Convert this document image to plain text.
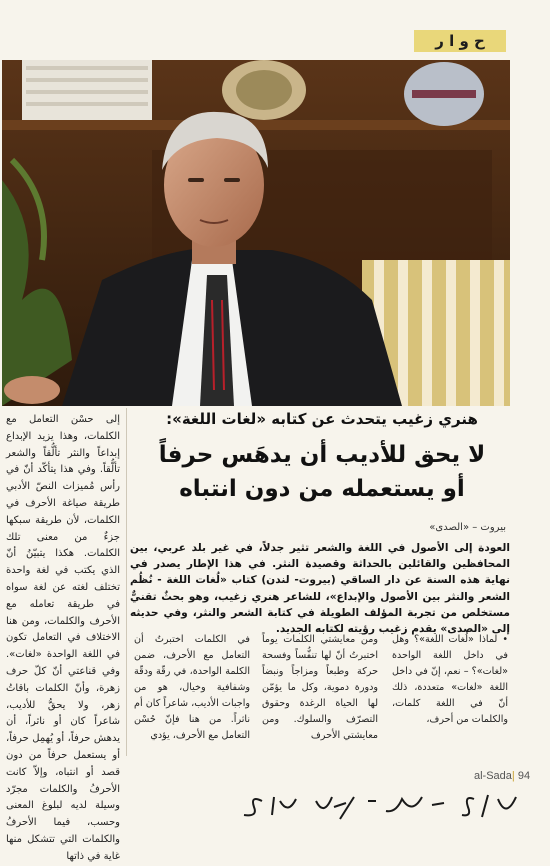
ح و ا ر
إلى حسْن التعامل مع الكلمات، وهذا يزيد الإبداع إبداعاً والنثر تألُّقاً والشعر تألُّقاً. وفي هذا يتأكّد أنّ في رأس مُميزات النصّ الأدبي طريقة صياغة الأحرف في الكلمات، لأن طريقة سبكها جزءٌ من معنى تلك الكلمات. هكذا يتبيّنُ أنّ الذي يكتب في لغة واحدة تختلف لغته عن لغة سواه في طريقة تعامله مع الأحرف والكلمات، ومن هنا الاختلاف في التعامل تكون في اللغة الواحدة «لغات». وفي قناعتي أنّ كلّ حرف زهرة، وأنّ الكلمات باقاتُ زهر، ولا يحقُّ للأديب، شاعراً كان أو ناثراً، أن يدهش حرفاً، أو يُهمِل حرفاً، أو يستعمل حرفاً من دون قصد أو انتباه، وإلاّ كانت الأحرفُ والكلمات مجرّد وسيلة لديه لبلوغ المعنى وحسب، فيما الأحرفُ والكلمات التي تتشكل منها غاية في ذاتها
هنري زغيب يتحدث عن كتابه «لغات اللغة»:
لا يحق للأديب أن يدهَس حرفاً
أو يستعمله من دون انتباه
بيروت – «الصدى»
العودة إلى الأصول في اللغة والشعر تثير جدلاً، في غير بلد عربي، بين المحافظين والقائلين بالحداثة وقصيدة النثر. في هذا الإطار يصدر في نهاية هذه السنة عن دار الساقي (بيروت- لندن) كتاب «لُغات اللغة - نُظُم الشعر والنثر بين الأصول والإبداع»، للشاعر هنري زغيب، وهو بحثٌ تقنيٌّ مستخلص من تجربة المؤلف الطويلة في كتابة الشعر والنثر، وفي حديثه إلى «الصدى» يقدم زغيب رؤيته لكتابه الجديد.
• لماذا «لُغات اللغة»؟ وهل في داخل اللغة الواحدة «لغات»؟ – نعم، إنّ في داخل اللغة «لغات» متعددة، ذلك أنّ في اللغة كلمات، والكلمات من أحرف،
ومن معايشتي الكلمات يوماً اختبرتُ أنّ لها تنفُّساً وفسحة حركة وطبعاً ومزاجاً ونبضاً ودورة دموية، وكل ما يؤمّن لها الحياة الرغدة وحقوق التصرّف والسلوك. ومن معايشتي الأحرف
في الكلمات اختبرتُ أن التعامل مع الأحرف، ضمن الكلمة الواحدة، في رقّة ودقّة وشفافية وخيال، هو من واجبات الأديب، شاعراً كان أم ناثراً. من هنا فإنّ حُسْن التعامل مع الأحرف، يؤدي
al-Sada| 94
